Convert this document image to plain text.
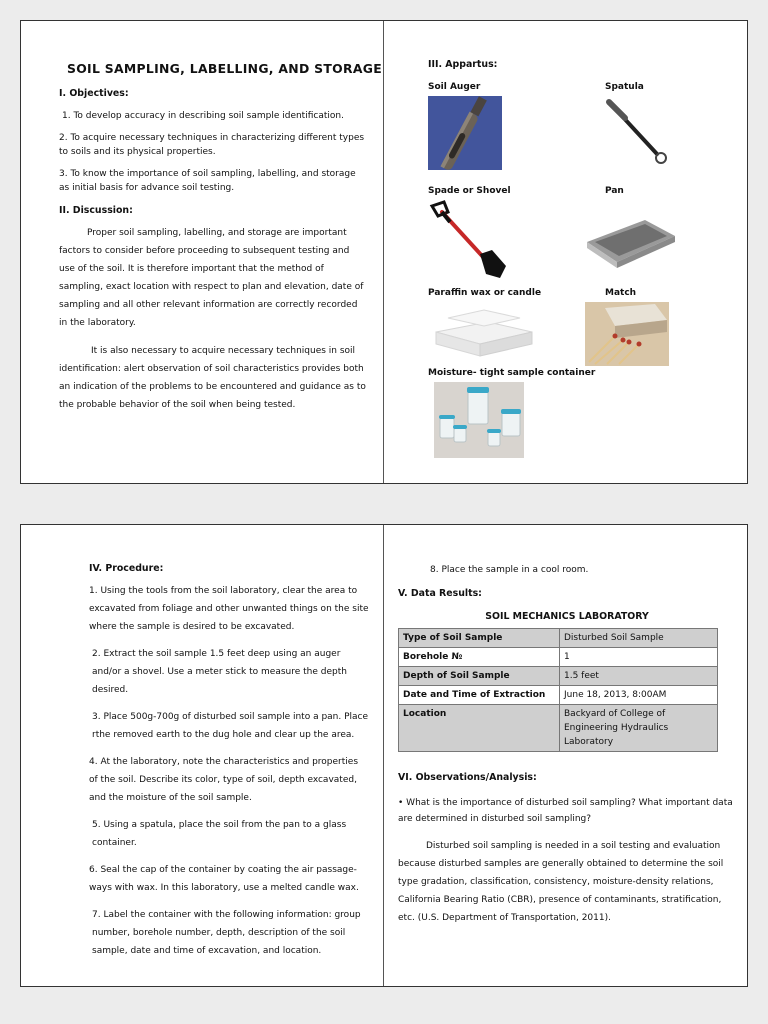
SOIL SAMPLING, LABELLING, AND STORAGE
I. Objectives:

1. To develop accuracy in describing soil sample identification.

2. To acquire necessary techniques in characterizing different types to soils and its physical properties.

3. To know the importance of soil sampling, labelling, and storage as initial basis for advance soil testing.

II. Discussion:

Proper soil sampling, labelling, and storage are important factors to consider before proceeding to subsequent testing and use of the soil. It is therefore important that the method of sampling, exact location with respect to plan and elevation, date of sampling and all other relevant information are correctly recorded in the laboratory.

It is also necessary to acquire necessary techniques in soil identification: alert observation of soil characteristics provides both an indication of the problems to be encountered and guidance as to the probable behavior of the soil when being tested.

III. Appartus:
Soil Auger	Spatula
Spade or Shovel	Pan
Paraffin wax or candle	Match
Moisture- tight sample container
IV. Procedure:

1. Using the tools from the soil laboratory, clear the area to excavated from foliage and other unwanted things on the site where the sample is desired to be excavated.

2. Extract the soil sample 1.5 feet deep using an auger and/or a shovel. Use a meter stick to measure the depth desired.

3. Place 500g-700g of disturbed soil sample into a pan. Place rthe removed earth to the dug hole and clear up the area.

4. At the laboratory, note the characteristics and properties of the soil. Describe its color, type of soil, depth excavated, and the moisture of the soil sample.

5. Using a spatula, place the soil from the pan to a glass container.

6. Seal the cap of the container by coating the air passage-ways with wax. In this laboratory, use a melted candle wax.

7. Label the container with the following information: group number, borehole number, depth, description of the soil sample, date and time of excavation, and location.

8. Place the sample in a cool room.

V. Data Results:
SOIL MECHANICS LABORATORY
Type of Soil Sample	Disturbed Soil Sample
Borehole №	1
Depth of Soil Sample	1.5 feet
Date and Time of Extraction	June 18, 2013, 8:00AM
Location	Backyard of College of Engineering Hydraulics Laboratory
VI. Observations/Analysis:

• What is the importance of disturbed soil sampling? What important data are determined in disturbed soil sampling?

Disturbed soil sampling is needed in a soil testing and evaluation because disturbed samples are generally obtained to determine the soil type gradation, classification, consistency, moisture-density relations, California Bearing Ratio (CBR), presence of contaminants, stratification, etc. (U.S. Department of Transportation, 2011).
